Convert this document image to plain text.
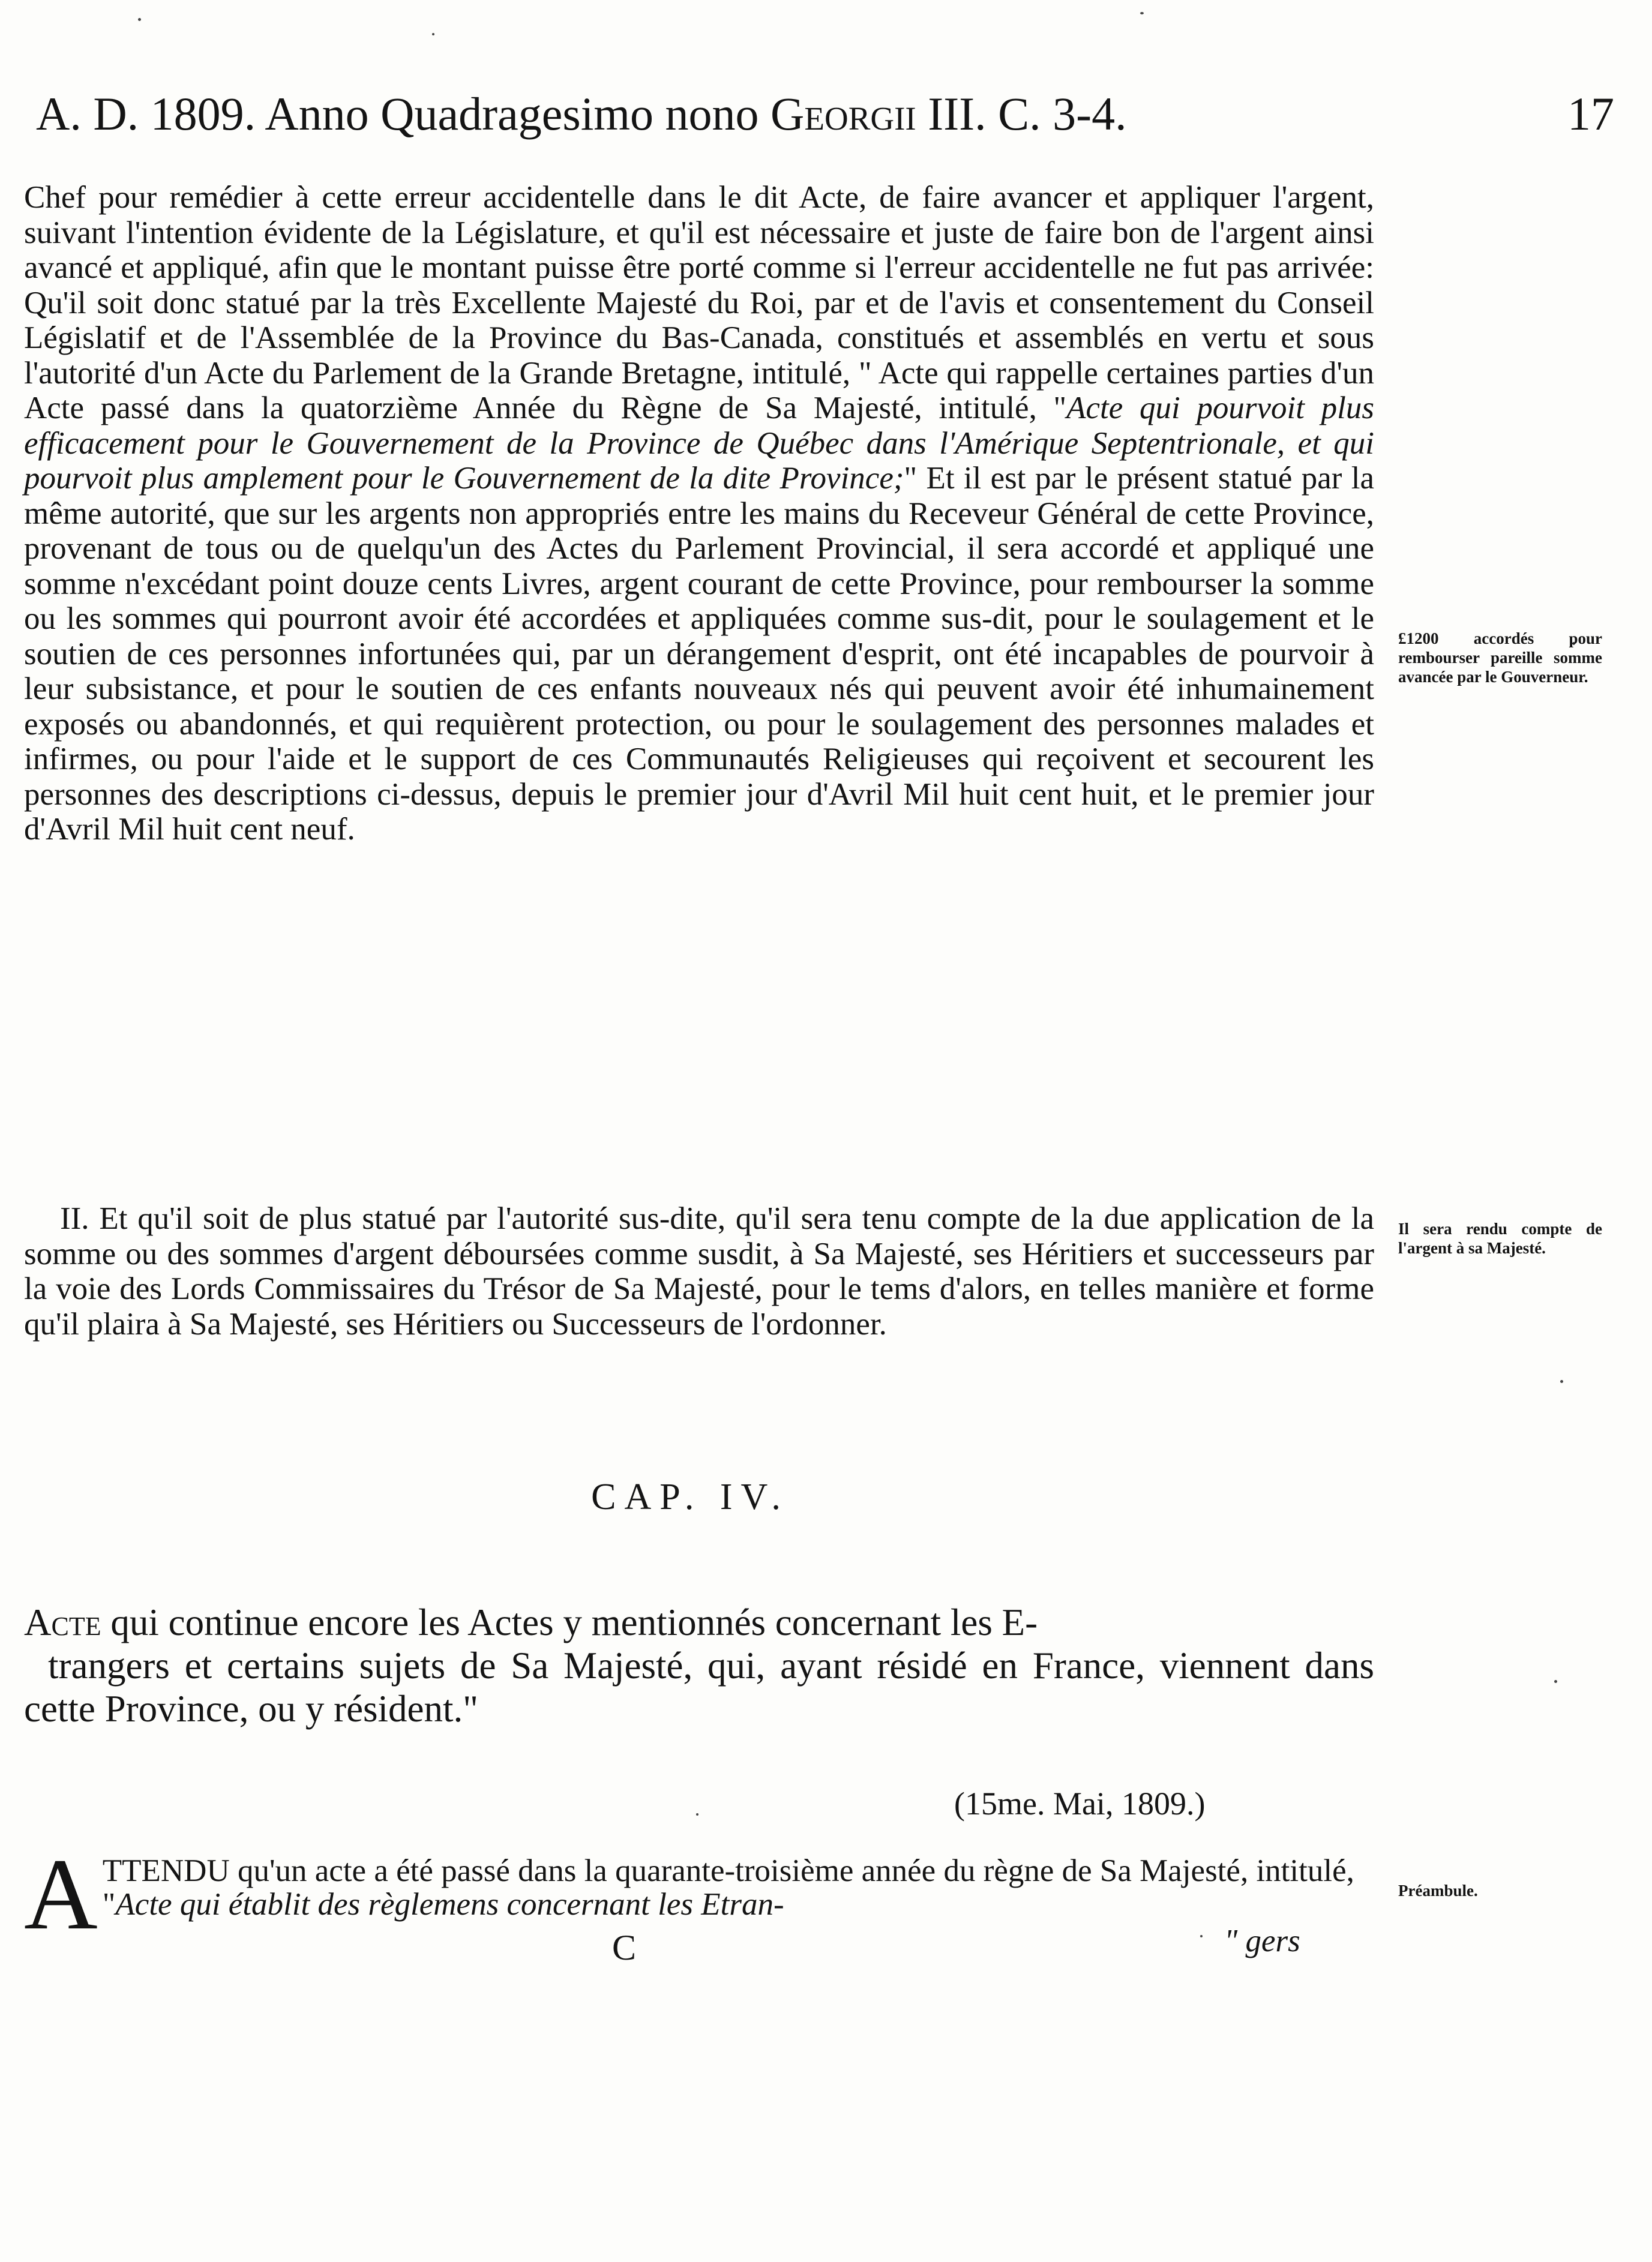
A. D. 1809. Anno Quadragesimo nono Georgii III. C. 3-4.	17
Chef pour remédier à cette erreur accidentelle dans le dit Acte, de faire avancer et appliquer l'argent, suivant l'intention évidente de la Législature, et qu'il est nécessaire et juste de faire bon de l'argent ainsi avancé et appliqué, afin que le montant puisse être porté comme si l'erreur accidentelle ne fut pas arrivée: Qu'il soit donc statué par la très Excellente Majesté du Roi, par et de l'avis et consentement du Conseil Législatif et de l'Assemblée de la Province du Bas-Canada, constitués et assemblés en vertu et sous l'autorité d'un Acte du Parlement de la Grande Bretagne, intitulé, " Acte qui rappelle certaines parties d'un Acte passé dans la quatorzième Année du Règne de Sa Majesté, intitulé, "Acte qui pourvoit plus efficacement pour le Gouvernement de la Province de Québec dans l'Amérique Septentrionale, et qui pourvoit plus amplement pour le Gouvernement de la dite Province;" Et il est par le présent statué par la même autorité, que sur les argents non appropriés entre les mains du Receveur Général de cette Province, provenant de tous ou de quelqu'un des Actes du Parlement Provincial, il sera accordé et appliqué une somme n'excédant point douze cents Livres, argent courant de cette Province, pour rembourser la somme ou les sommes qui pourront avoir été accordées et appliquées comme sus-dit, pour le soulagement et le soutien de ces personnes infortunées qui, par un dérangement d'esprit, ont été incapables de pourvoir à leur subsistance, et pour le soutien de ces enfants nouveaux nés qui peuvent avoir été inhumainement exposés ou abandonnés, et qui requièrent protection, ou pour le soulagement des personnes malades et infirmes, ou pour l'aide et le support de ces Communautés Religieuses qui reçoivent et secourent les personnes des descriptions ci-dessus, depuis le premier jour d'Avril Mil huit cent huit, et le premier jour d'Avril Mil huit cent neuf.
£1200 accordés pour rembourser pareille somme avancée par le Gouverneur.
II. Et qu'il soit de plus statué par l'autorité sus-dite, qu'il sera tenu compte de la due application de la somme ou des sommes d'argent déboursées comme susdit, à Sa Majesté, ses Héritiers et successeurs par la voie des Lords Commissaires du Trésor de Sa Majesté, pour le tems d'alors, en telles manière et forme qu'il plaira à Sa Majesté, ses Héritiers ou Successeurs de l'ordonner.
Il sera rendu compte de l'argent à sa Majesté.
CAP. IV.
Acte qui continue encore les Actes y mentionnés concernant les E-
trangers et certains sujets de Sa Majesté, qui, ayant résidé en France, viennent dans cette Province, ou y résident."
(15me. Mai, 1809.)
A TTENDU qu'un acte a été passé dans la quarante-troisième année du règne de Sa Majesté, intitulé, "Acte qui établit des règlemens concernant les Etran-	Préambule.
C	" gers
